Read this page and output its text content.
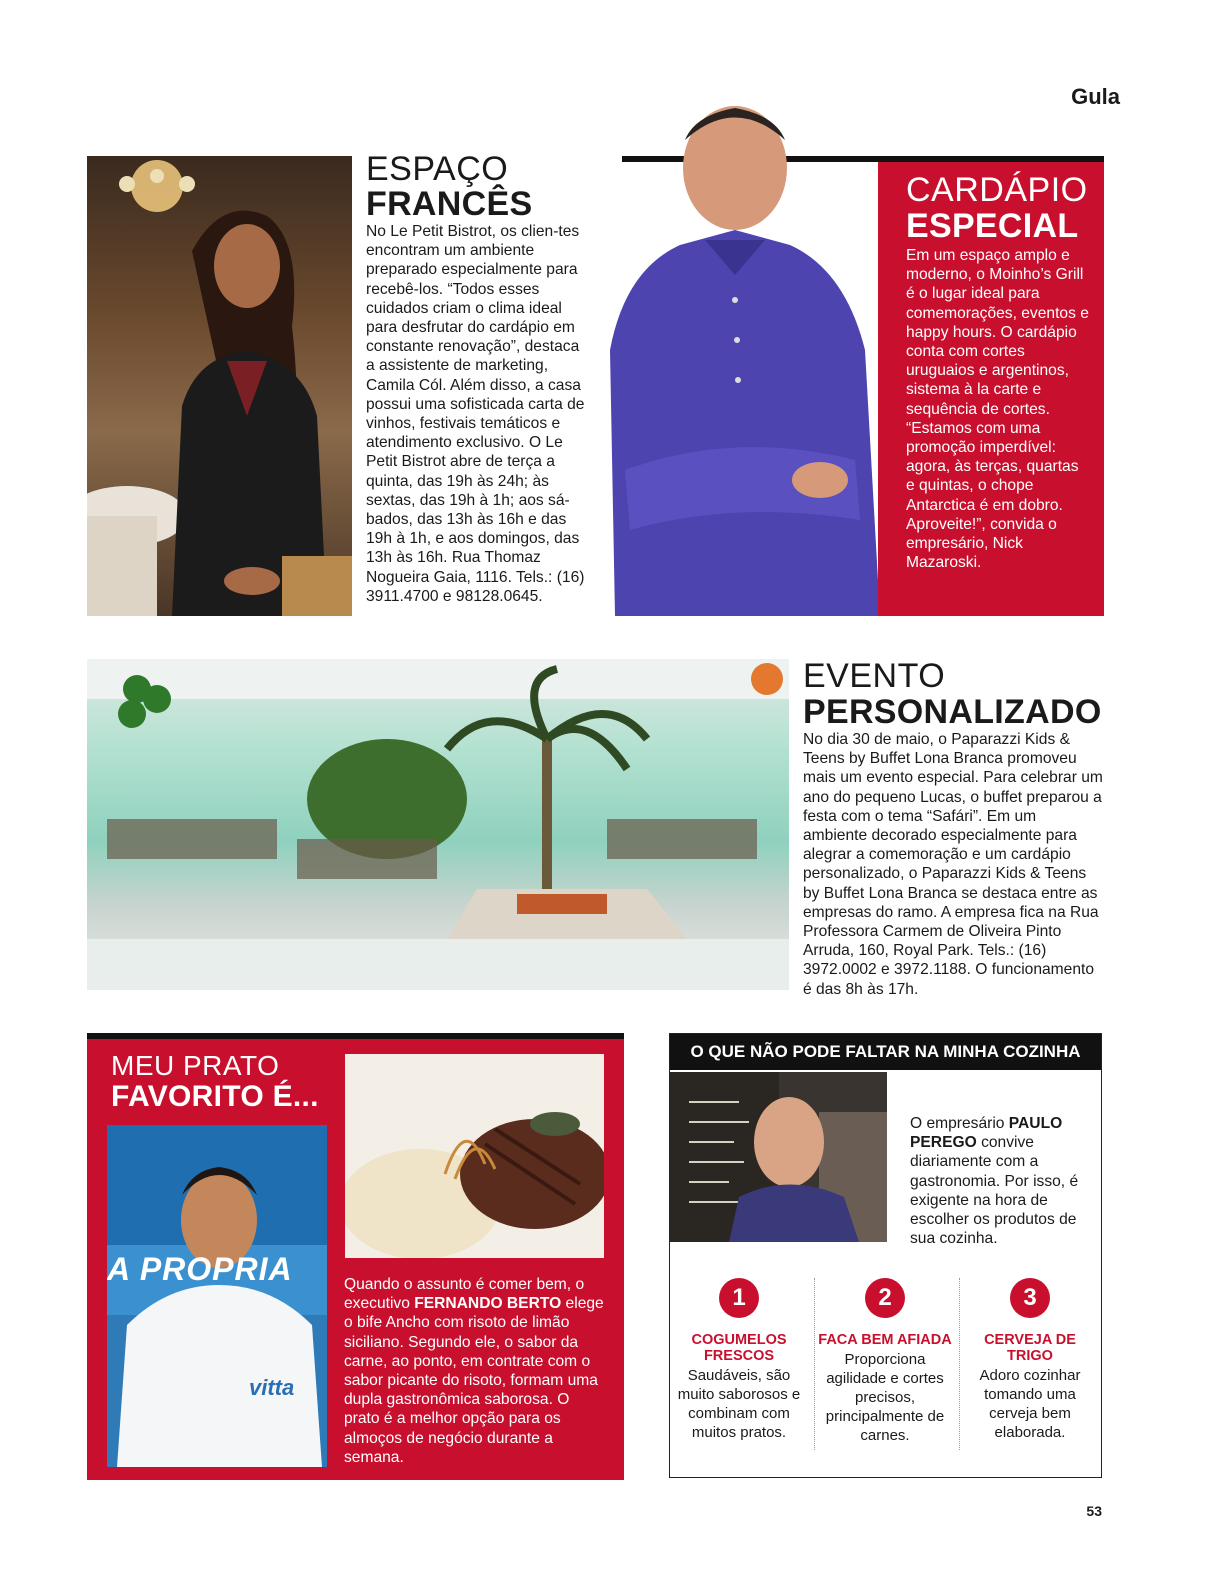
Gula
ESPAÇO
FRANCÊS
No Le Petit Bistrot, os clien-tes encontram um ambiente preparado especialmente para recebê-los. “Todos esses cuidados criam o clima ideal para desfrutar do cardápio em constante renovação”, destaca a assistente de marketing, Camila Cól. Além disso, a casa possui uma sofisticada carta de vinhos, festivais temáticos e atendimento exclusivo. O Le Petit Bistrot abre de terça a quinta, das 19h às 24h; às sextas, das 19h à 1h; aos sá-bados, das 13h às 16h e das 19h à 1h, e aos domingos, das 13h às 16h. Rua Thomaz Nogueira Gaia, 1116. Tels.: (16) 3911.4700 e 98128.0645.
CARDÁPIO
ESPECIAL
Em um espaço amplo e moderno, o Moinho’s Grill é o lugar ideal para comemorações, eventos e happy hours. O cardápio conta com cortes uruguaios e argentinos, sistema à la carte e sequência de cortes. “Estamos com uma promoção imperdível: agora, às terças, quartas e quintas, o chope Antarctica é em dobro. Aproveite!”, convida o empresário, Nick Mazaroski.
EVENTO
PERSONALIZADO
No dia 30 de maio, o Paparazzi Kids & Teens by Buffet Lona Branca promoveu mais um evento especial. Para celebrar um ano do pequeno Lucas, o buffet preparou a festa com o tema “Safári”. Em um ambiente decorado especialmente para alegrar a comemoração e um cardápio personalizado, o Paparazzi Kids & Teens by Buffet Lona Branca se destaca entre as empresas do ramo. A empresa fica na Rua Professora Carmem de Oliveira Pinto Arruda, 160, Royal Park. Tels.: (16) 3972.0002 e 3972.1188. O funcionamento é das 8h às 17h.
MEU PRATO
FAVORITO É...
A PROPRIA
vitta
Quando o assunto é comer bem, o executivo FERNANDO BERTO elege o bife Ancho com risoto de limão siciliano. Segundo ele, o sabor da carne, ao ponto, em contrate com o sabor picante do risoto, formam uma dupla gastronômica saborosa. O prato é a melhor opção para os almoços de negócio durante a semana.
O QUE NÃO PODE FALTAR NA MINHA COZINHA
O empresário PAULO PEREGO convive diariamente com a gastronomia. Por isso, é exigente na hora de escolher os produtos de sua cozinha.
1
COGUMELOS FRESCOS
Saudáveis, são muito saborosos e combinam com muitos pratos.
2
FACA BEM AFIADA
Proporciona agilidade e cortes precisos, principalmente de carnes.
3
CERVEJA DE TRIGO
Adoro cozinhar tomando uma cerveja bem elaborada.
53
